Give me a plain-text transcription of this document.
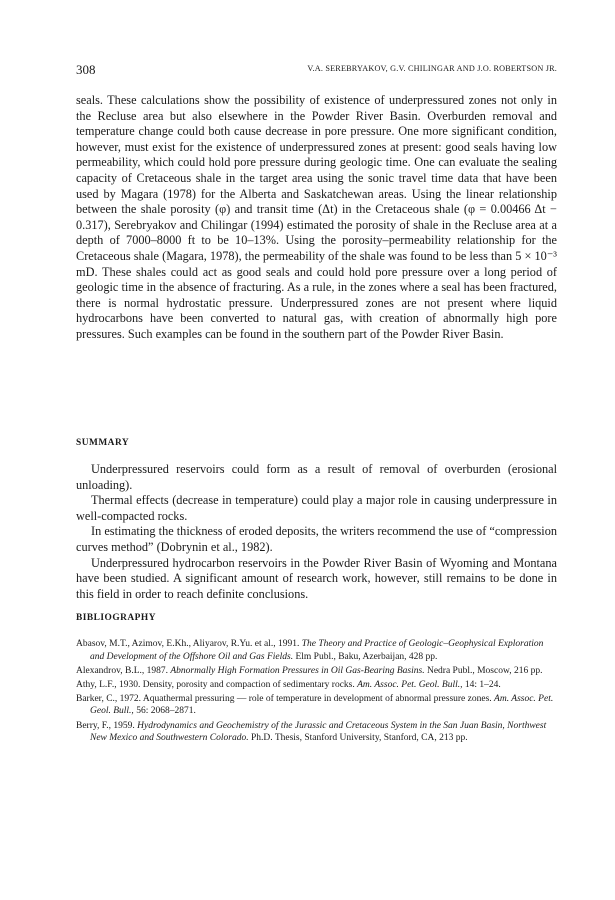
308	V.A. SEREBRYAKOV, G.V. CHILINGAR AND J.O. ROBERTSON JR.

seals. These calculations show the possibility of existence of underpressured zones not only in the Recluse area but also elsewhere in the Powder River Basin. Overburden removal and temperature change could both cause decrease in pore pressure. One more significant condition, however, must exist for the existence of underpressured zones at present: good seals having low permeability, which could hold pore pressure during geologic time. One can evaluate the sealing capacity of Cretaceous shale in the target area using the sonic travel time data that have been used by Magara (1978) for the Alberta and Saskatchewan areas. Using the linear relationship between the shale porosity (φ) and transit time (Δt) in the Cretaceous shale (φ = 0.00466 Δt − 0.317), Serebryakov and Chilingar (1994) estimated the porosity of shale in the Recluse area at a depth of 7000–8000 ft to be 10–13%. Using the porosity–permeability relationship for the Cretaceous shale (Magara, 1978), the permeability of the shale was found to be less than 5 × 10⁻³ mD. These shales could act as good seals and could hold pore pressure over a long period of geologic time in the absence of fracturing. As a rule, in the zones where a seal has been fractured, there is normal hydrostatic pressure. Underpressured zones are not present where liquid hydrocarbons have been converted to natural gas, with creation of abnormally high pore pressures. Such examples can be found in the southern part of the Powder River Basin.

SUMMARY

Underpressured reservoirs could form as a result of removal of overburden (erosional unloading).

Thermal effects (decrease in temperature) could play a major role in causing underpressure in well-compacted rocks.

In estimating the thickness of eroded deposits, the writers recommend the use of “compression curves method” (Dobrynin et al., 1982).

Underpressured hydrocarbon reservoirs in the Powder River Basin of Wyoming and Montana have been studied. A significant amount of research work, however, still remains to be done in this field in order to reach definite conclusions.

BIBLIOGRAPHY
Abasov, M.T., Azimov, E.Kh., Aliyarov, R.Yu. et al., 1991. The Theory and Practice of Geologic–Geophysical Exploration and Development of the Offshore Oil and Gas Fields. Elm Publ., Baku, Azerbaijan, 428 pp.
Alexandrov, B.L., 1987. Abnormally High Formation Pressures in Oil Gas-Bearing Basins. Nedra Publ., Moscow, 216 pp.
Athy, L.F., 1930. Density, porosity and compaction of sedimentary rocks. Am. Assoc. Pet. Geol. Bull., 14: 1–24.
Barker, C., 1972. Aquathermal pressuring — role of temperature in development of abnormal pressure zones. Am. Assoc. Pet. Geol. Bull., 56: 2068–2871.
Berry, F., 1959. Hydrodynamics and Geochemistry of the Jurassic and Cretaceous System in the San Juan Basin, Northwest New Mexico and Southwestern Colorado. Ph.D. Thesis, Stanford University, Stanford, CA, 213 pp.
